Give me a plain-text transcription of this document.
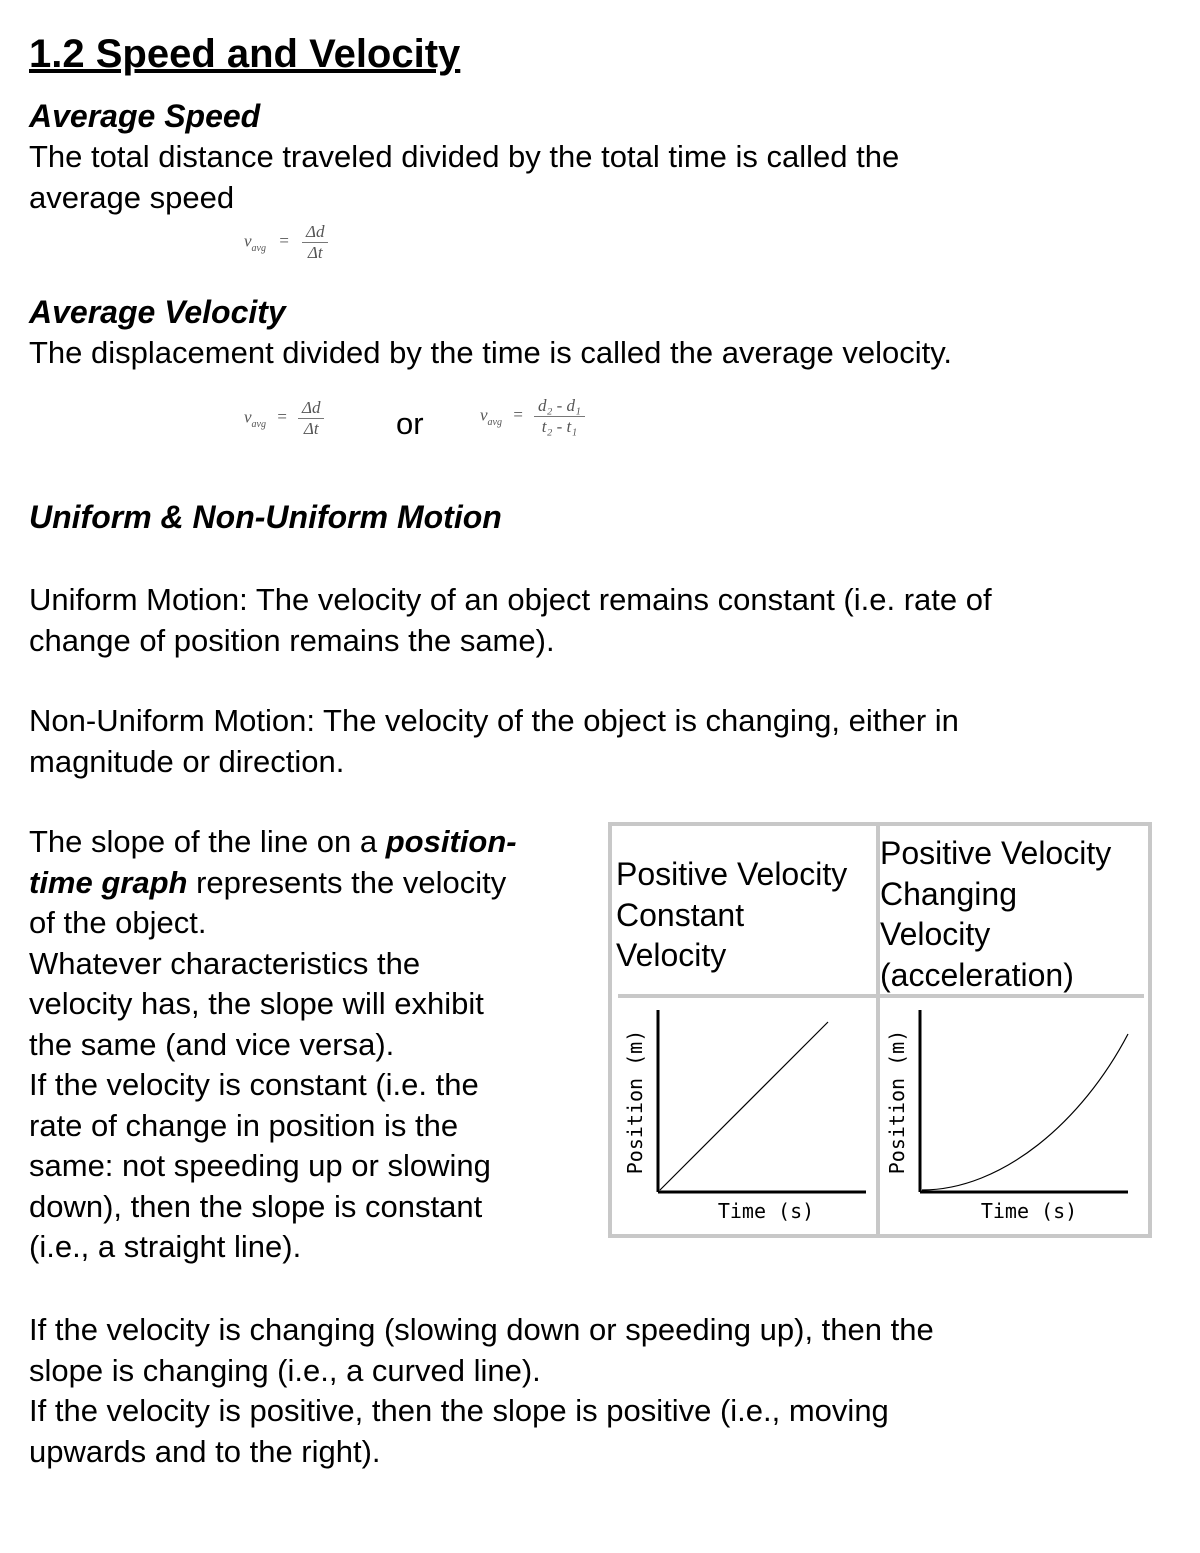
1.2 Speed and Velocity

Average Speed

The total distance traveled divided by the total time is called the
average speed
$v_{avg} = \frac{\Delta d}{\Delta t}$

Average Velocity

The displacement divided by the time is called the average velocity.
$v_{avg} = \frac{\Delta d}{\Delta t}$ or	$v_{avg} = \frac{\text{d₂ - d₁}}{\text{t₂ - t₁}}$

Uniform & Non-Uniform Motion

Uniform Motion: The velocity of an object remains constant (i.e. rate of
change of position remains the same).
Non-Uniform Motion: The velocity of the object is changing, either in
magnitude or direction.
The slope of the line on a position-
time graph represents the velocity
of the object.
Whatever characteristics the
velocity has, the slope will exhibit
the same (and vice versa).
If the velocity is constant (i.e. the
rate of change in position is the
same: not speeding up or slowing
down), then the slope is constant
(i.e., a straight line).
Positive Velocity
Constant
Velocity
Positive Velocity
Changing
Velocity
(acceleration)
Time (s)
Position (m)
Time (s)
Position (m)
If the velocity is changing (slowing down or speeding up), then the
slope is changing (i.e., a curved line).
If the velocity is positive, then the slope is positive (i.e., moving
upwards and to the right).
